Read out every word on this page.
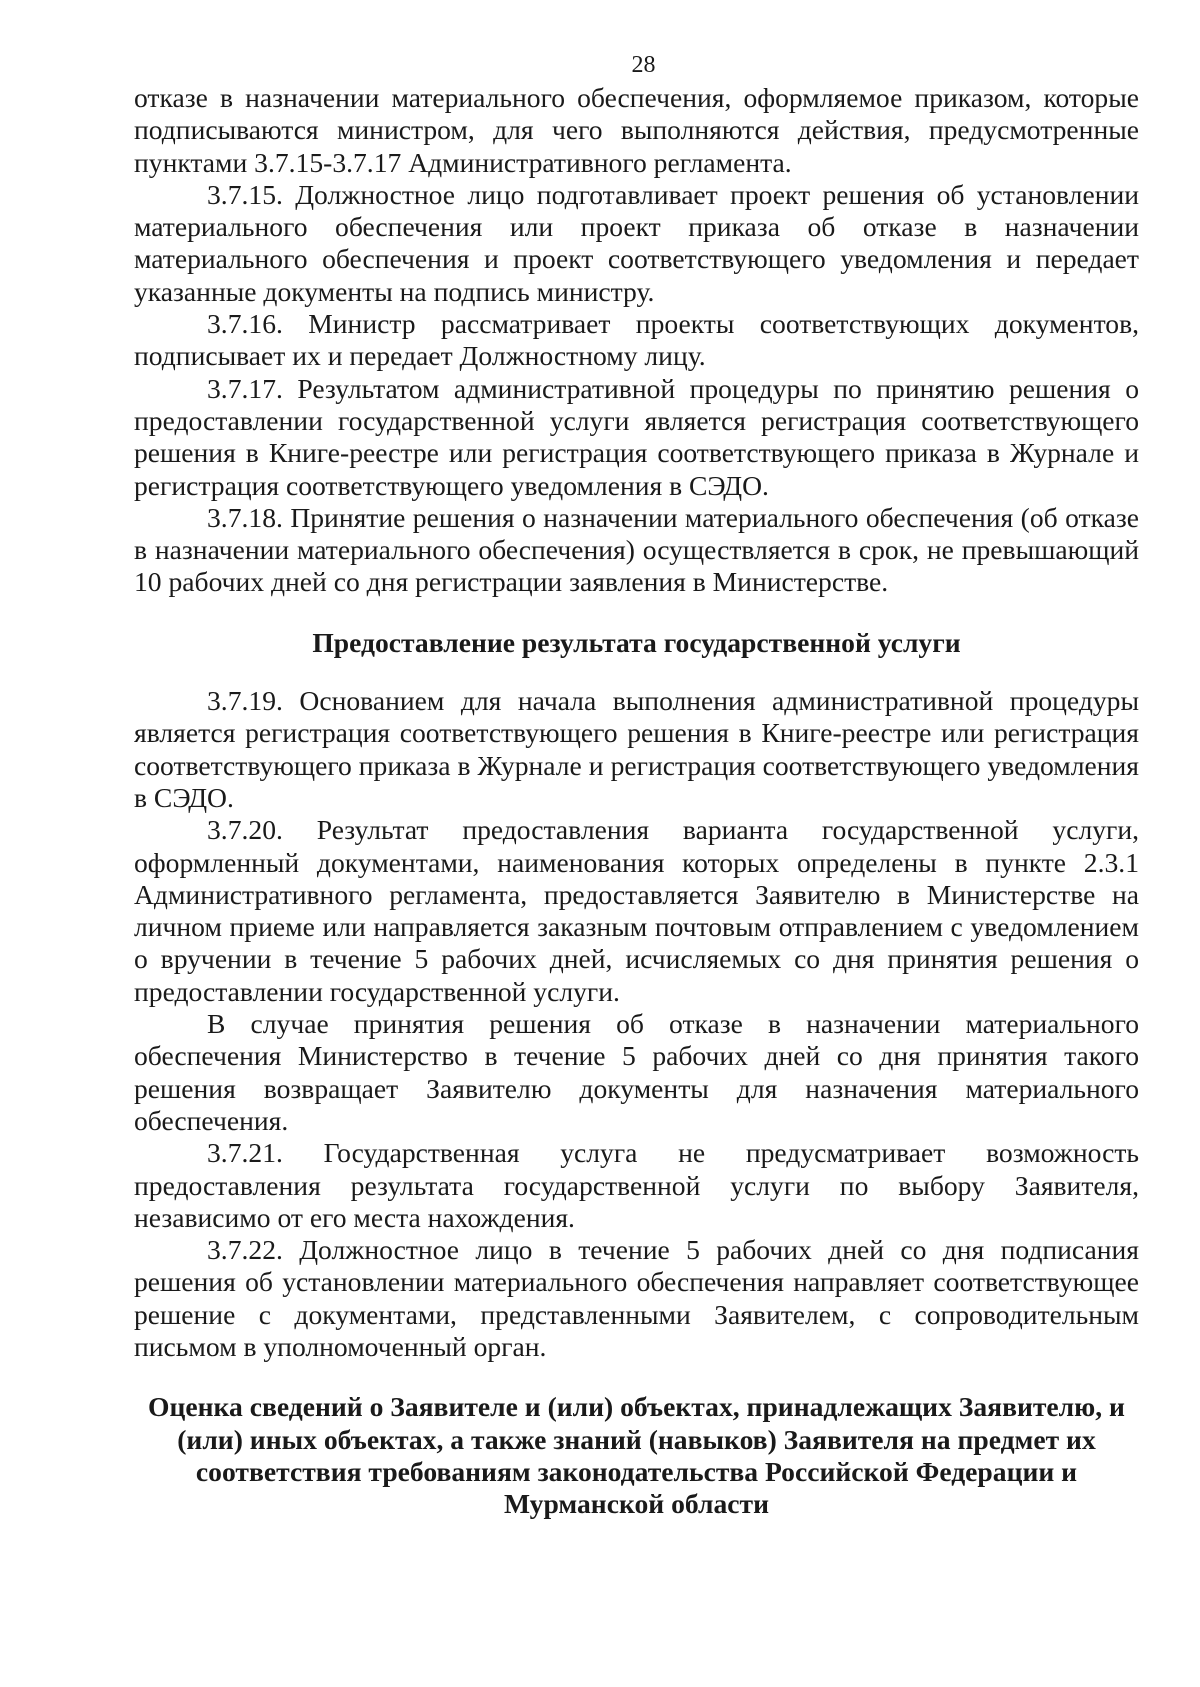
28

отказе в назначении материального обеспечения, оформляемое приказом, которые подписываются министром, для чего выполняются действия, предусмотренные пунктами 3.7.15-3.7.17 Административного регламента.

3.7.15. Должностное лицо подготавливает проект решения об установлении материального обеспечения или проект приказа об отказе в назначении материального обеспечения и проект соответствующего уведомления и передает указанные документы на подпись министру.

3.7.16. Министр рассматривает проекты соответствующих документов, подписывает их и передает Должностному лицу.

3.7.17. Результатом административной процедуры по принятию решения о предоставлении государственной услуги является регистрация соответствующего решения в Книге-реестре или регистрация соответствующего приказа в Журнале и регистрация соответствующего уведомления в СЭДО.

3.7.18. Принятие решения о назначении материального обеспечения (об отказе в назначении материального обеспечения) осуществляется в срок, не превышающий 10 рабочих дней со дня регистрации заявления в Министерстве.

Предоставление результата государственной услуги

3.7.19. Основанием для начала выполнения административной процедуры является регистрация соответствующего решения в Книге-реестре или регистрация соответствующего приказа в Журнале и регистрация соответствующего уведомления в СЭДО.

3.7.20. Результат предоставления варианта государственной услуги, оформленный документами, наименования которых определены в пункте 2.3.1 Административного регламента, предоставляется Заявителю в Министерстве на личном приеме или направляется заказным почтовым отправлением с уведомлением о вручении в течение 5 рабочих дней, исчисляемых со дня принятия решения о предоставлении государственной услуги.

В случае принятия решения об отказе в назначении материального обеспечения Министерство в течение 5 рабочих дней со дня принятия такого решения возвращает Заявителю документы для назначения материального обеспечения.

3.7.21. Государственная услуга не предусматривает возможность предоставления результата государственной услуги по выбору Заявителя, независимо от его места нахождения.

3.7.22. Должностное лицо в течение 5 рабочих дней со дня подписания решения об установлении материального обеспечения направляет соответствующее решение с документами, представленными Заявителем, с сопроводительным письмом в уполномоченный орган.

Оценка сведений о Заявителе и (или) объектах, принадлежащих Заявителю, и (или) иных объектах, а также знаний (навыков) Заявителя на предмет их соответствия требованиям законодательства Российской Федерации и Мурманской области
